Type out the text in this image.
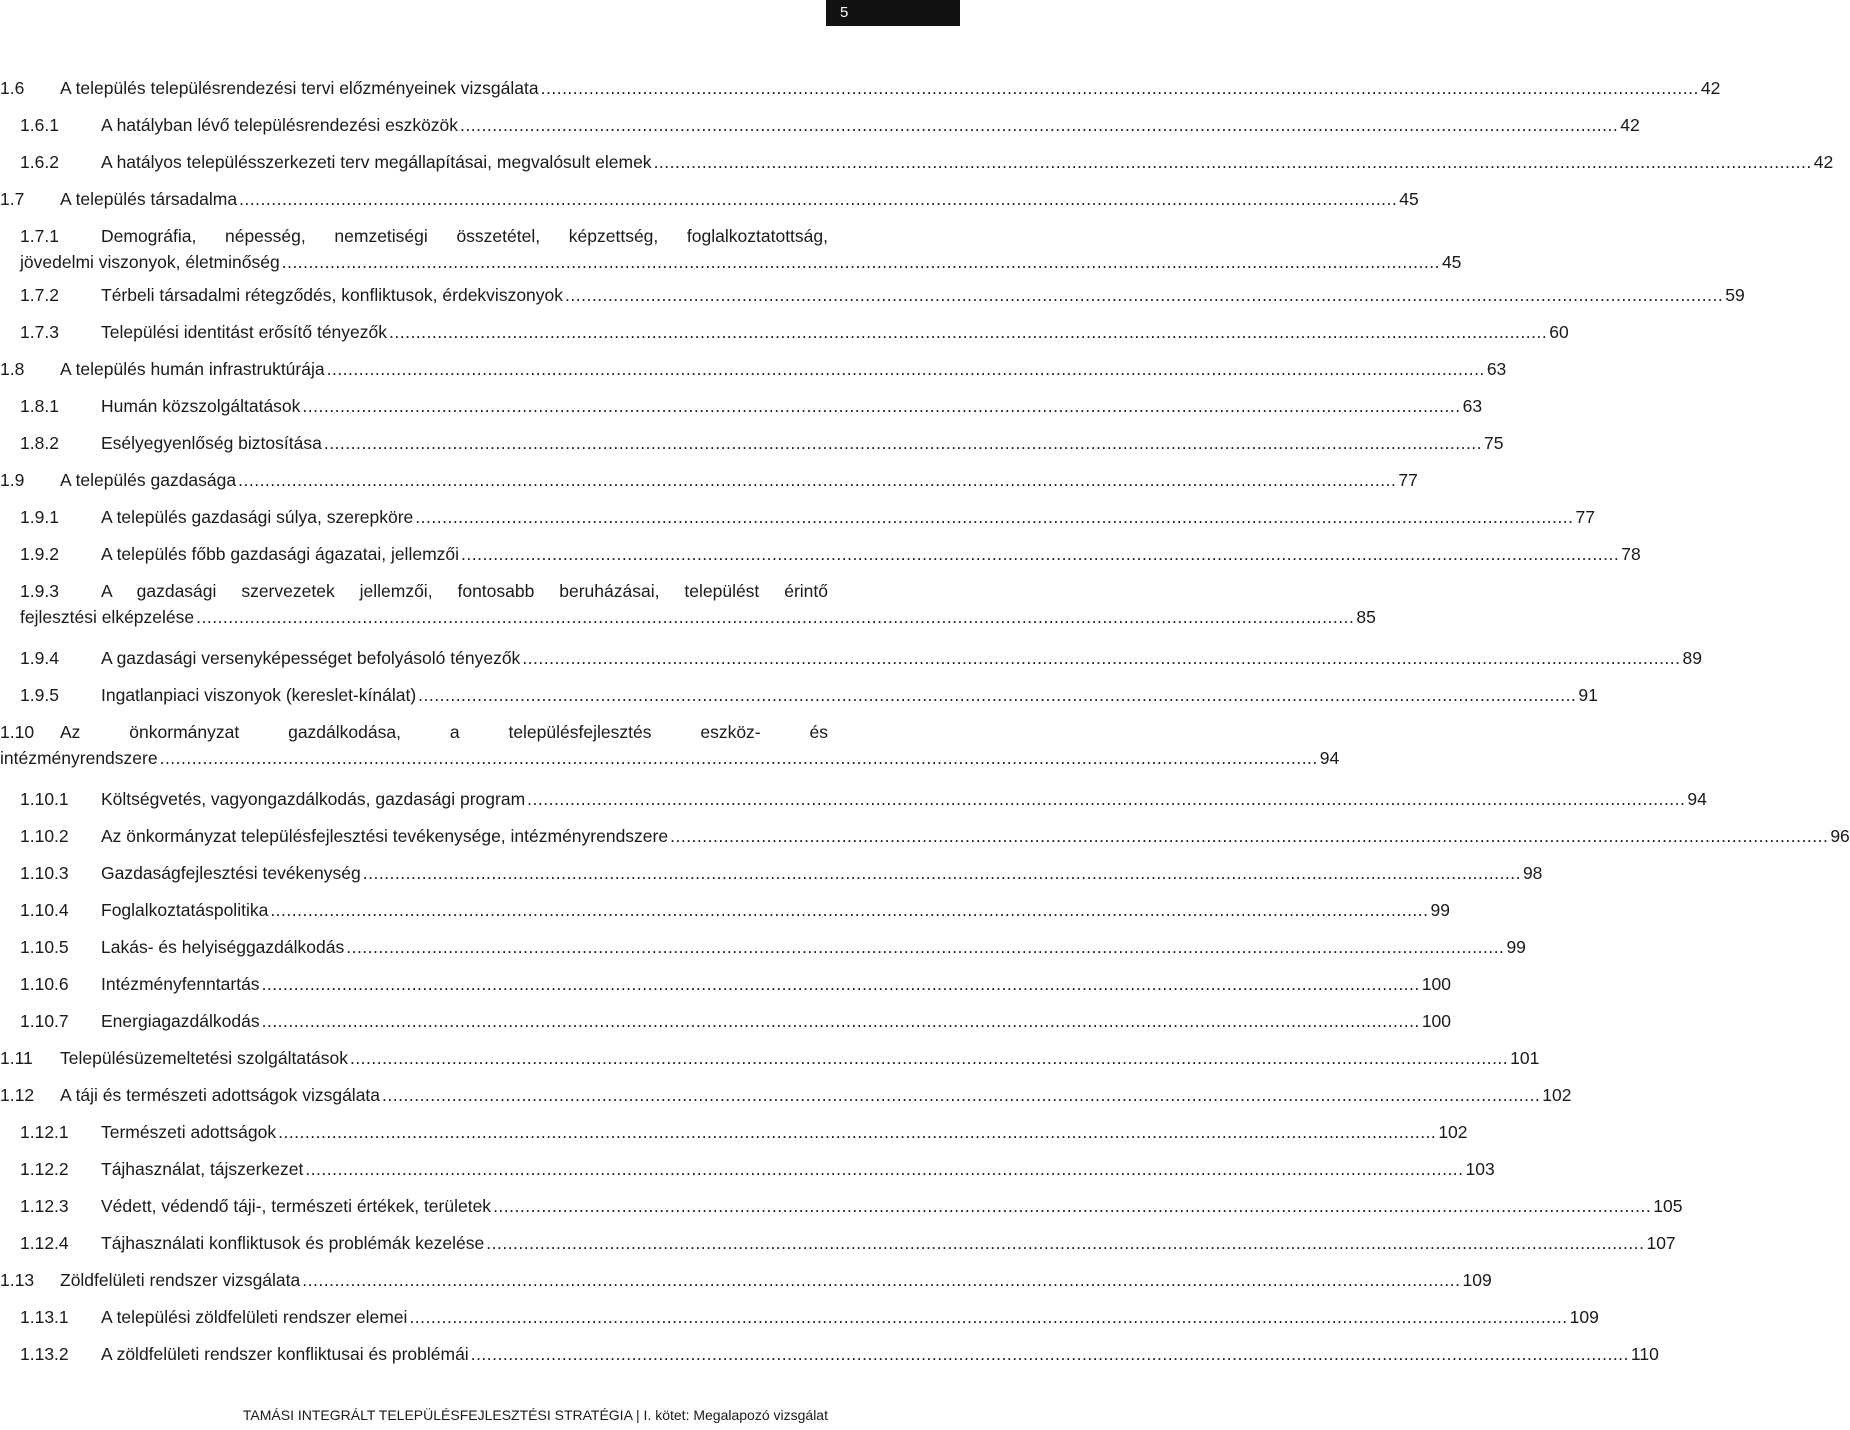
5
1.6	A település településrendezési tervi előzményeinek vizsgálata .....	42
1.6.1	A hatályban lévő településrendezési eszközök .....	42
1.6.2	A hatályos településszerkezeti terv megállapításai, megvalósult elemek .....	42
1.7	A település társadalma .....	45
1.7.1	Demográfia, népesség, nemzetiségi összetétel, képzettség, foglalkoztatottság,
jövedelmi viszonyok, életminőség .....	45
1.7.2	Térbeli társadalmi rétegződés, konfliktusok, érdekviszonyok .....	59
1.7.3	Települési identitást erősítő tényezők .....	60
1.8	A település humán infrastruktúrája .....	63
1.8.1	Humán közszolgáltatások .....	63
1.8.2	Esélyegyenlőség biztosítása .....	75
1.9	A település gazdasága .....	77
1.9.1	A település gazdasági súlya, szerepköre .....	77
1.9.2	A település főbb gazdasági ágazatai, jellemzői .....	78
1.9.3	A gazdasági szervezetek jellemzői, fontosabb beruházásai, települést érintő
fejlesztési elképzelése .....	85
1.9.4	A gazdasági versenyképességet befolyásoló tényezők .....	89
1.9.5	Ingatlanpiaci viszonyok (kereslet-kínálat) .....	91
1.10	Az önkormányzat gazdálkodása, a településfejlesztés eszköz- és
intézményrendszere .....	94
1.10.1	Költségvetés, vagyongazdálkodás, gazdasági program .....	94
1.10.2	Az önkormányzat településfejlesztési tevékenysége, intézményrendszere .....	96
1.10.3	Gazdaságfejlesztési tevékenység .....	98
1.10.4	Foglalkoztatáspolitika .....	99
1.10.5	Lakás- és helyiséggazdálkodás .....	99
1.10.6	Intézményfenntartás .....	100
1.10.7	Energiagazdálkodás .....	100
1.11	Településüzemeltetési szolgáltatások .....	101
1.12	A táji és természeti adottságok vizsgálata .....	102
1.12.1	Természeti adottságok .....	102
1.12.2	Tájhasználat, tájszerkezet .....	103
1.12.3	Védett, védendő táji-, természeti értékek, területek .....	105
1.12.4	Tájhasználati konfliktusok és problémák kezelése .....	107
1.13	Zöldfelületi rendszer vizsgálata .....	109
1.13.1	A települési zöldfelületi rendszer elemei .....	109
1.13.2	A zöldfelületi rendszer konfliktusai és problémái .....	110
TAMÁSI INTEGRÁLT TELEPÜLÉSFEJLESZTÉSI STRATÉGIA | I. kötet: Megalapozó vizsgálat
